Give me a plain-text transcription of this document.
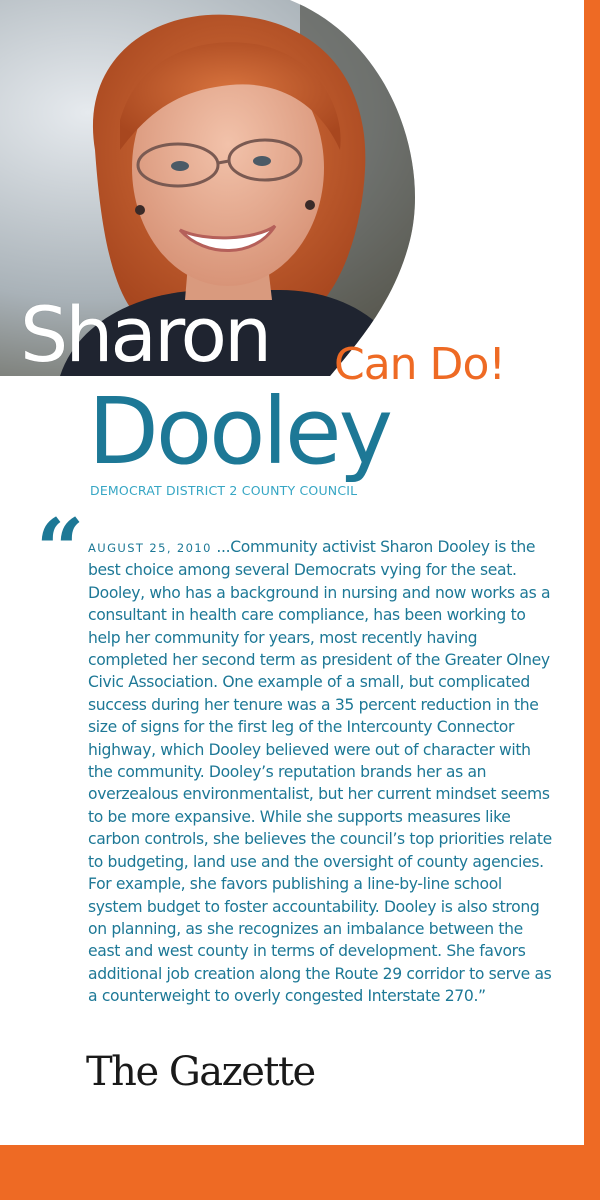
Sharon Can Do!
Dooley
DEMOCRAT DISTRICT 2 COUNTY COUNCIL
“ AUGUST 25, 2010 ...Community activist Sharon Dooley is the best choice among several Democrats vying for the seat. Dooley, who has a background in nursing and now works as a consultant in health care compliance, has been working to help her community for years, most recently having completed her second term as president of the Greater Olney Civic Association. One example of a small, but complicated success during her tenure was a 35 percent reduction in the size of signs for the first leg of the Intercounty Connector highway, which Dooley believed were out of character with the community. Dooley’s reputation brands her as an overzealous environmentalist, but her current mindset seems to be more expansive. While she supports measures like carbon controls, she believes the council’s top priorities relate to budgeting, land use and the oversight of county agencies. For example, she favors publishing a line-by-line school system budget to foster accountability. Dooley is also strong on planning, as she recognizes an imbalance between the east and west county in terms of development. She favors additional job creation along the Route 29 corridor to serve as a counterweight to overly congested Interstate 270.”
The Gazette
